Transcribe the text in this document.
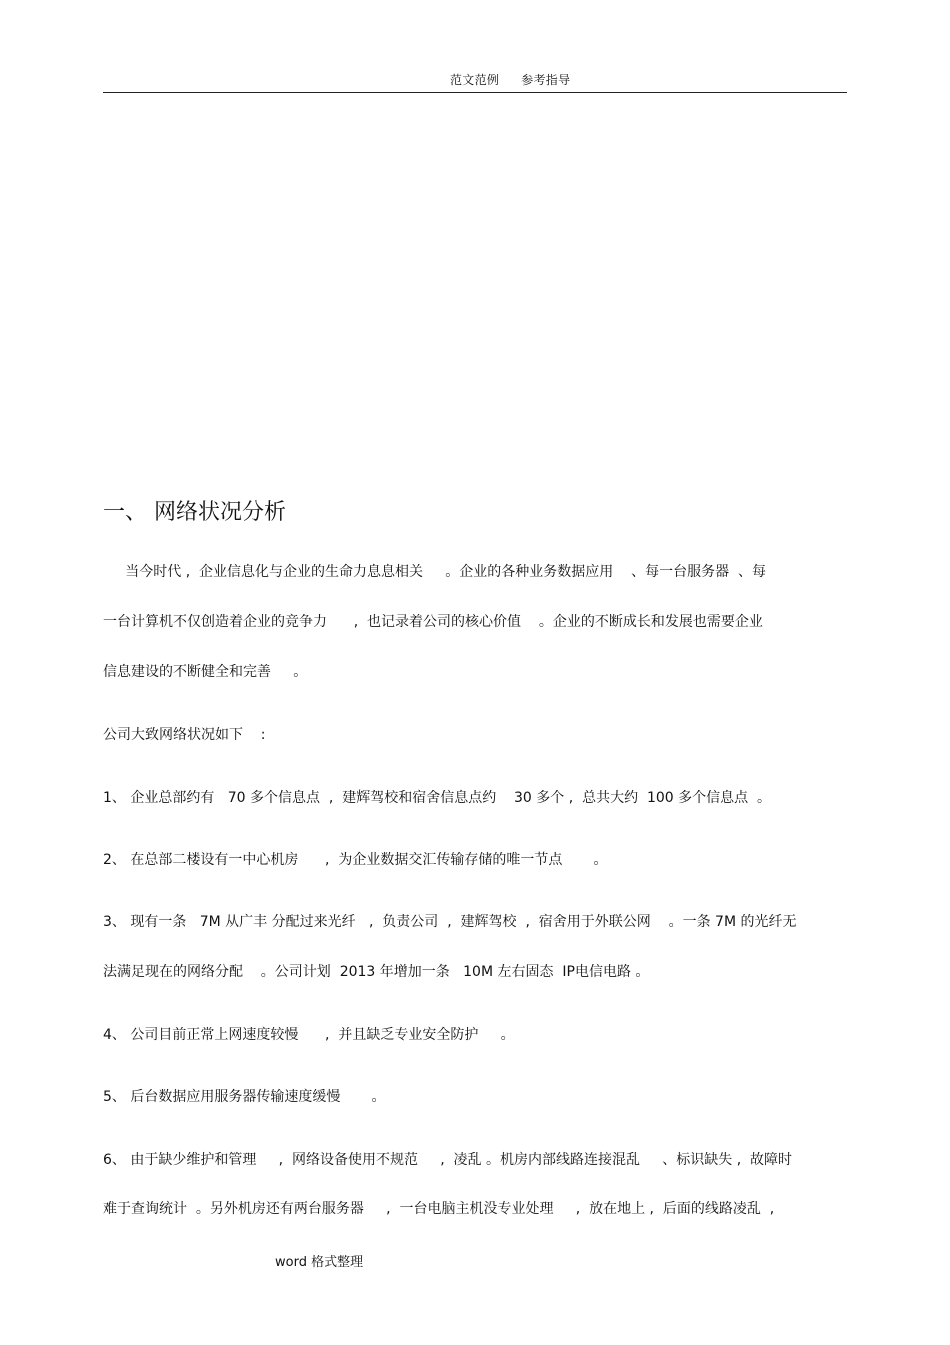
范文范例 参考指导
一、 网络状况分析
当今时代 ,  企业信息化与企业的生命力息息相关     。企业的各种业务数据应用    、每一台服务器  、每
一台计算机不仅创造着企业的竞争力      ,  也记录着公司的核心价值    。企业的不断成长和发展也需要企业
信息建设的不断健全和完善     。
公司大致网络状况如下    :
1、 企业总部约有   70 多个信息点  ,  建辉驾校和宿舍信息点约    30 多个 ,  总共大约  100 多个信息点  。
2、 在总部二楼设有一中心机房      ,  为企业数据交汇传输存储的唯一节点       。
3、 现有一条   7M 从广丰 分配过来光纤   ,  负责公司  ,  建辉驾校  ,  宿舍用于外联公网    。一条 7M 的光纤无
法满足现在的网络分配    。公司计划  2013 年增加一条   10M 左右固态  IP电信电路 。
4、 公司目前正常上网速度较慢      ,  并且缺乏专业安全防护     。
5、 后台数据应用服务器传输速度缓慢       。
6、 由于缺少维护和管理     ,  网络设备使用不规范     ,  凌乱 。机房内部线路连接混乱     、标识缺失 ,  故障时
难于查询统计  。另外机房还有两台服务器     ,  一台电脑主机没专业处理     ,  放在地上 ,  后面的线路凌乱  ,
word 格式整理
